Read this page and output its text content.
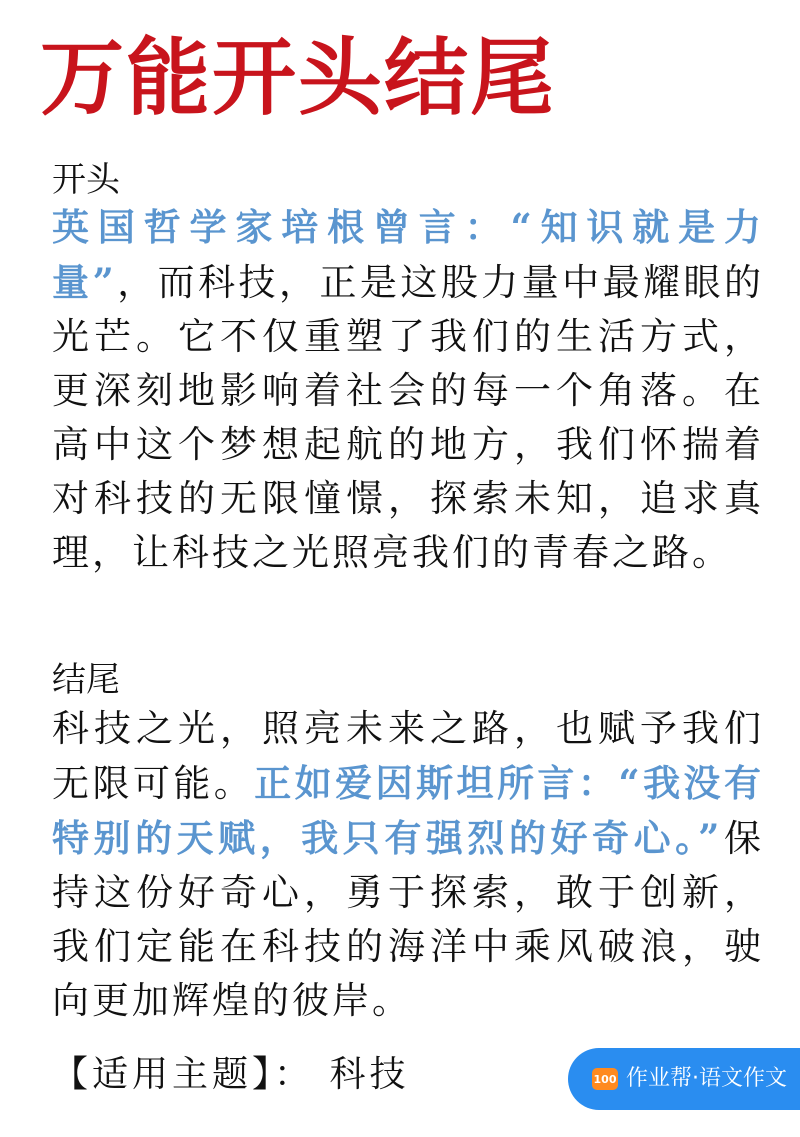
万能开头结尾
开头

英国哲学家培根曾言：“知识就是力量”，而科技，正是这股力量中最耀眼的光芒。它不仅重塑了我们的生活方式，更深刻地影响着社会的每一个角落。在高中这个梦想起航的地方，我们怀揣着对科技的无限憧憬，探索未知，追求真理，让科技之光照亮我们的青春之路。

结尾

科技之光，照亮未来之路，也赋予我们无限可能。正如爱因斯坦所言：“我没有特别的天赋，我只有强烈的好奇心。”保持这份好奇心，勇于探索，敢于创新，我们定能在科技的海洋中乘风破浪，驶向更加辉煌的彼岸。

【适用主题】： 科技	100 作业帮·语文作文
